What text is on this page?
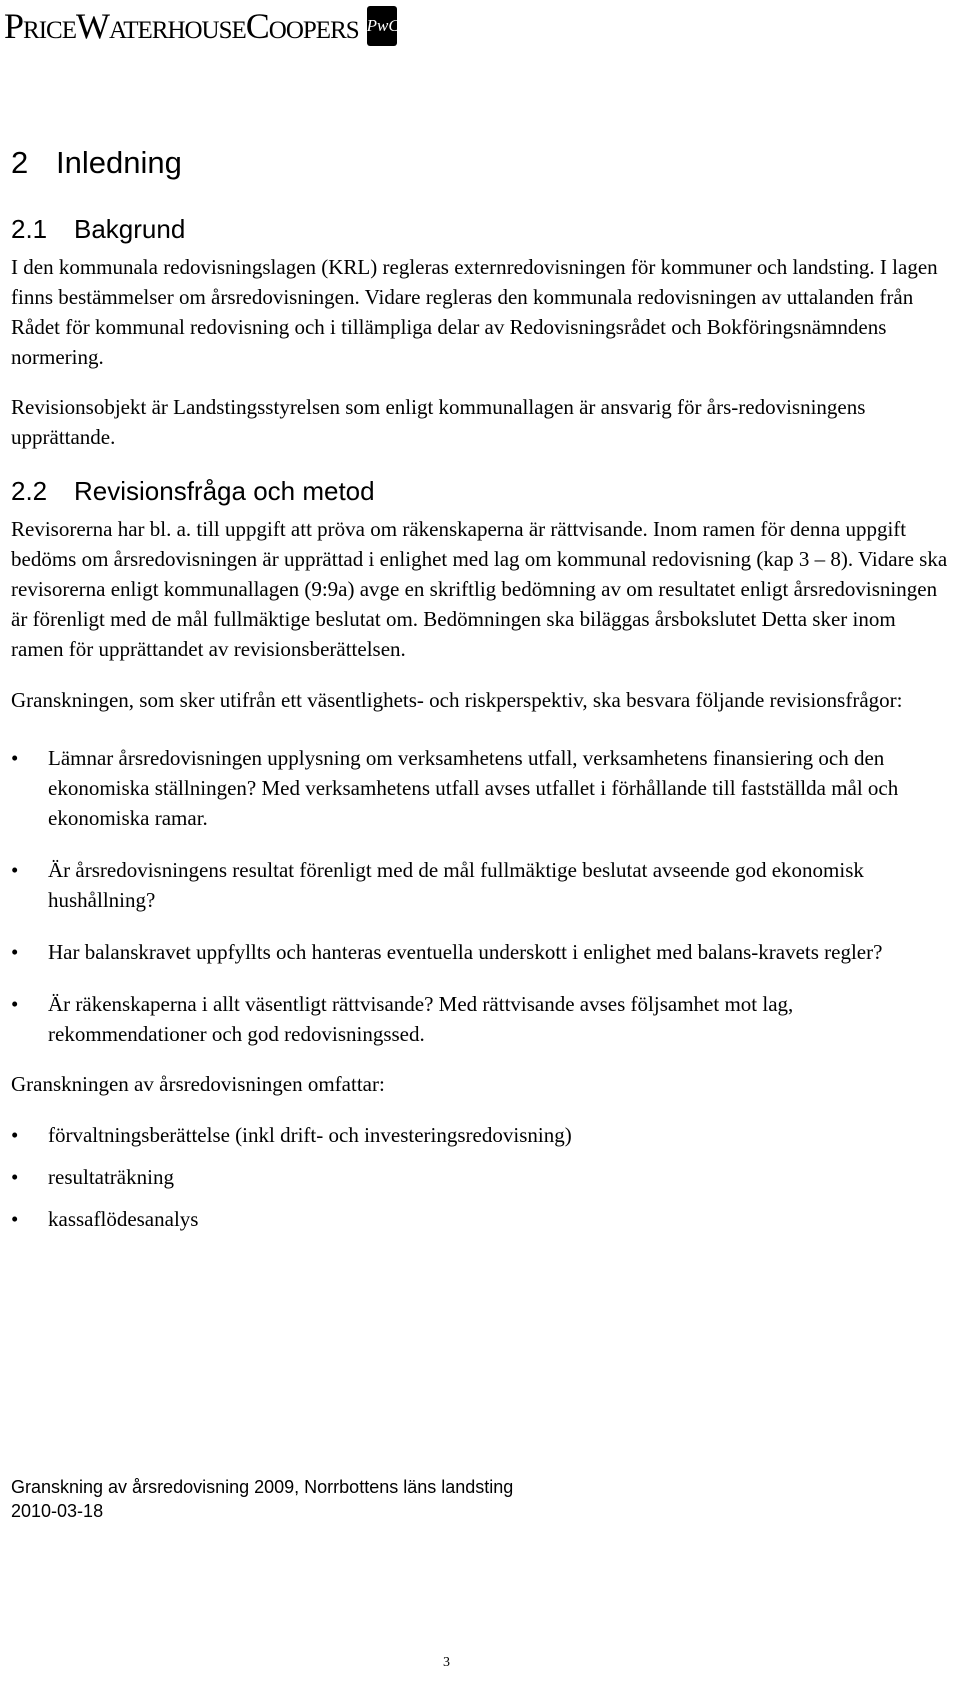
PriceWaterhouseCoopers PwC
2 Inledning
2.1 Bakgrund

I den kommunala redovisningslagen (KRL) regleras externredovisningen för kommuner och landsting. I lagen finns bestämmelser om årsredovisningen. Vidare regleras den kommunala redovisningen av uttalanden från Rådet för kommunal redovisning och i tillämpliga delar av Redovisningsrådet och Bokföringsnämndens normering.

Revisionsobjekt är Landstingsstyrelsen som enligt kommunallagen är ansvarig för års-redovisningens upprättande.

2.2 Revisionsfråga och metod

Revisorerna har bl. a. till uppgift att pröva om räkenskaperna är rättvisande. Inom ramen för denna uppgift bedöms om årsredovisningen är upprättad i enlighet med lag om kommunal redovisning (kap 3 – 8). Vidare ska revisorerna enligt kommunallagen (9:9a) avge en skriftlig bedömning av om resultatet enligt årsredovisningen är förenligt med de mål fullmäktige beslutat om. Bedömningen ska biläggas årsbokslutet Detta sker inom ramen för upprättandet av revisionsberättelsen.

Granskningen, som sker utifrån ett väsentlighets- och riskperspektiv, ska besvara följande revisionsfrågor:

• Lämnar årsredovisningen upplysning om verksamhetens utfall, verksamhetens finansiering och den ekonomiska ställningen? Med verksamhetens utfall avses utfallet i förhållande till fastställda mål och ekonomiska ramar.
• Är årsredovisningens resultat förenligt med de mål fullmäktige beslutat avseende god ekonomisk hushållning?
• Har balanskravet uppfyllts och hanteras eventuella underskott i enlighet med balans-kravets regler?
• Är räkenskaperna i allt väsentligt rättvisande? Med rättvisande avses följsamhet mot lag, rekommendationer och god redovisningssed.

Granskningen av årsredovisningen omfattar:

• förvaltningsberättelse (inkl drift- och investeringsredovisning)
• resultaträkning
• kassaflödesanalys
Granskning av årsredovisning 2009, Norrbottens läns landsting
2010-03-18
3
